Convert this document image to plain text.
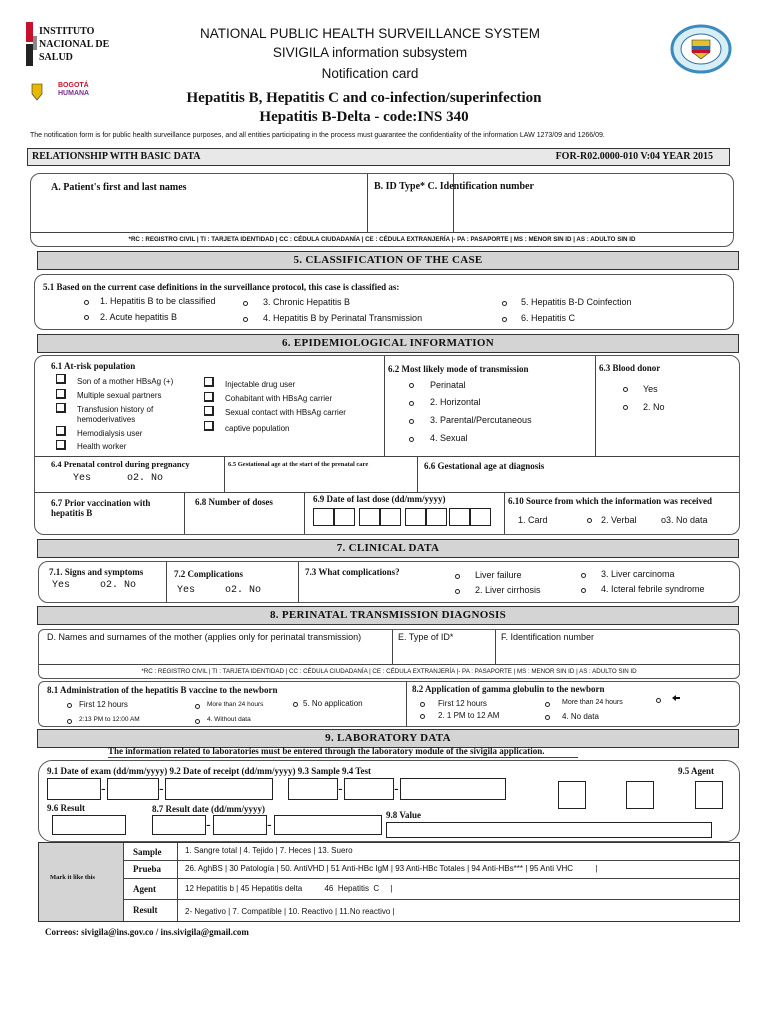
INSTITUTO
NACIONAL DE
SALUD
BOGOTÁ
HUMANA
NATIONAL PUBLIC HEALTH SURVEILLANCE SYSTEM
SIVIGILA information subsystem
Notification card
Hepatitis B, Hepatitis C and co-infection/superinfection
Hepatitis B-Delta - code:INS 340
The notification form is for public health surveillance purposes, and all entities participating in the process must guarantee the confidentiality of the information LAW 1273/09 and 1266/09.
RELATIONSHIP WITH BASIC DATA	FOR-R02.0000-010 V:04 YEAR 2015
A. Patient's first and last names	B. ID Type* C. Identification number
*RC : REGISTRO CIVIL | TI : TARJETA IDENTIDAD | CC : CÉDULA CIUDADANÍA | CE : CÉDULA EXTRANJERÍA |- PA : PASAPORTE | MS : MENOR SIN ID | AS : ADULTO SIN ID
5. CLASSIFICATION OF THE CASE
5.1 Based on the current case definitions in the surveillance protocol, this case is classified as:
1. Hepatitis B to be classified
2. Acute hepatitis B
3. Chronic Hepatitis B
4. Hepatitis B by Perinatal Transmission
5. Hepatitis B-D Coinfection
6. Hepatitis C
6. EPIDEMIOLOGICAL INFORMATION
6.1 At-risk population
Son of a mother HBsAg (+)
Multiple sexual partners
Transfusion history of
hemoderivatives
Hemodialysis user
Health worker
Injectable drug user
Cohabitant with HBsAg carrier
Sexual contact with HBsAg carrier
captive population
6.2 Most likely mode of transmission
Perinatal
2. Horizontal
3. Parental/Percutaneous
4. Sexual
6.3 Blood donor
Yes
2. No
6.4 Prenatal control during pregnancy
Yes      o2. No
6.5 Gestational age at the start of the prenatal care	6.6 Gestational age at diagnosis
6.7 Prior vaccination with
hepatitis B
6.8 Number of doses	6.9 Date of last dose (dd/mm/yyyy)	6.10 Source from which the information was received
1. Card	2. Verbal	o3. No data
7. CLINICAL DATA
7.1. Signs and symptoms
Yes     o2. No
7.2 Complications
Yes     o2. No
7.3 What complications?	Liver failure
2. Liver cirrhosis
3. Liver carcinoma
4. Icteral febrile syndrome
8. PERINATAL TRANSMISSION DIAGNOSIS
D. Names and surnames of the mother (applies only for perinatal transmission)	E. Type of ID*	F. Identification number
*RC : REGISTRO CIVIL | TI : TARJETA IDENTIDAD | CC : CÉDULA CIUDADANÍA | CE : CÉDULA EXTRANJERÍA |- PA : PASAPORTE | MS : MENOR SIN ID | AS : ADULTO SIN ID
8.1 Administration of the hepatitis B vaccine to the newborn
First 12 hours	More than 24 hours	5. No application
2:13 PM to 12:00 AM	4. Without data
8.2 Application of gamma globulin to the newborn
First 12 hours	More than 24 hours
2. 1 PM to 12 AM	4. No data
9. LABORATORY DATA
The information related to laboratories must be entered through the laboratory module of the sivigila application.
9.1 Date of exam (dd/mm/yyyy) 9.2 Date of receipt (dd/mm/yyyy) 9.3 Sample 9.4 Test	9.5 Agent
-	-	-	-
9.6 Result	8.7 Result date (dd/mm/yyyy)
9.8 Value
-	-
Mark it like this
Sample	1. Sangre total | 4. Tejido | 7. Heces | 13. Suero
Prueba	26. AghBS | 30 Patología | 50. AntiVHD | 51 Anti-HBc IgM | 93 Anti-HBc Totales | 94 Anti-HBs*** | 95 Anti VHC          |
Agent	12 Hepatitis b | 45 Hepatitis delta          46  Hepatitis  C     |
Result	2- Negativo | 7. Compatible | 10. Reactivo | 11.No reactivo |
Correos: sivigila@ins.gov.co / ins.sivigila@gmail.com
